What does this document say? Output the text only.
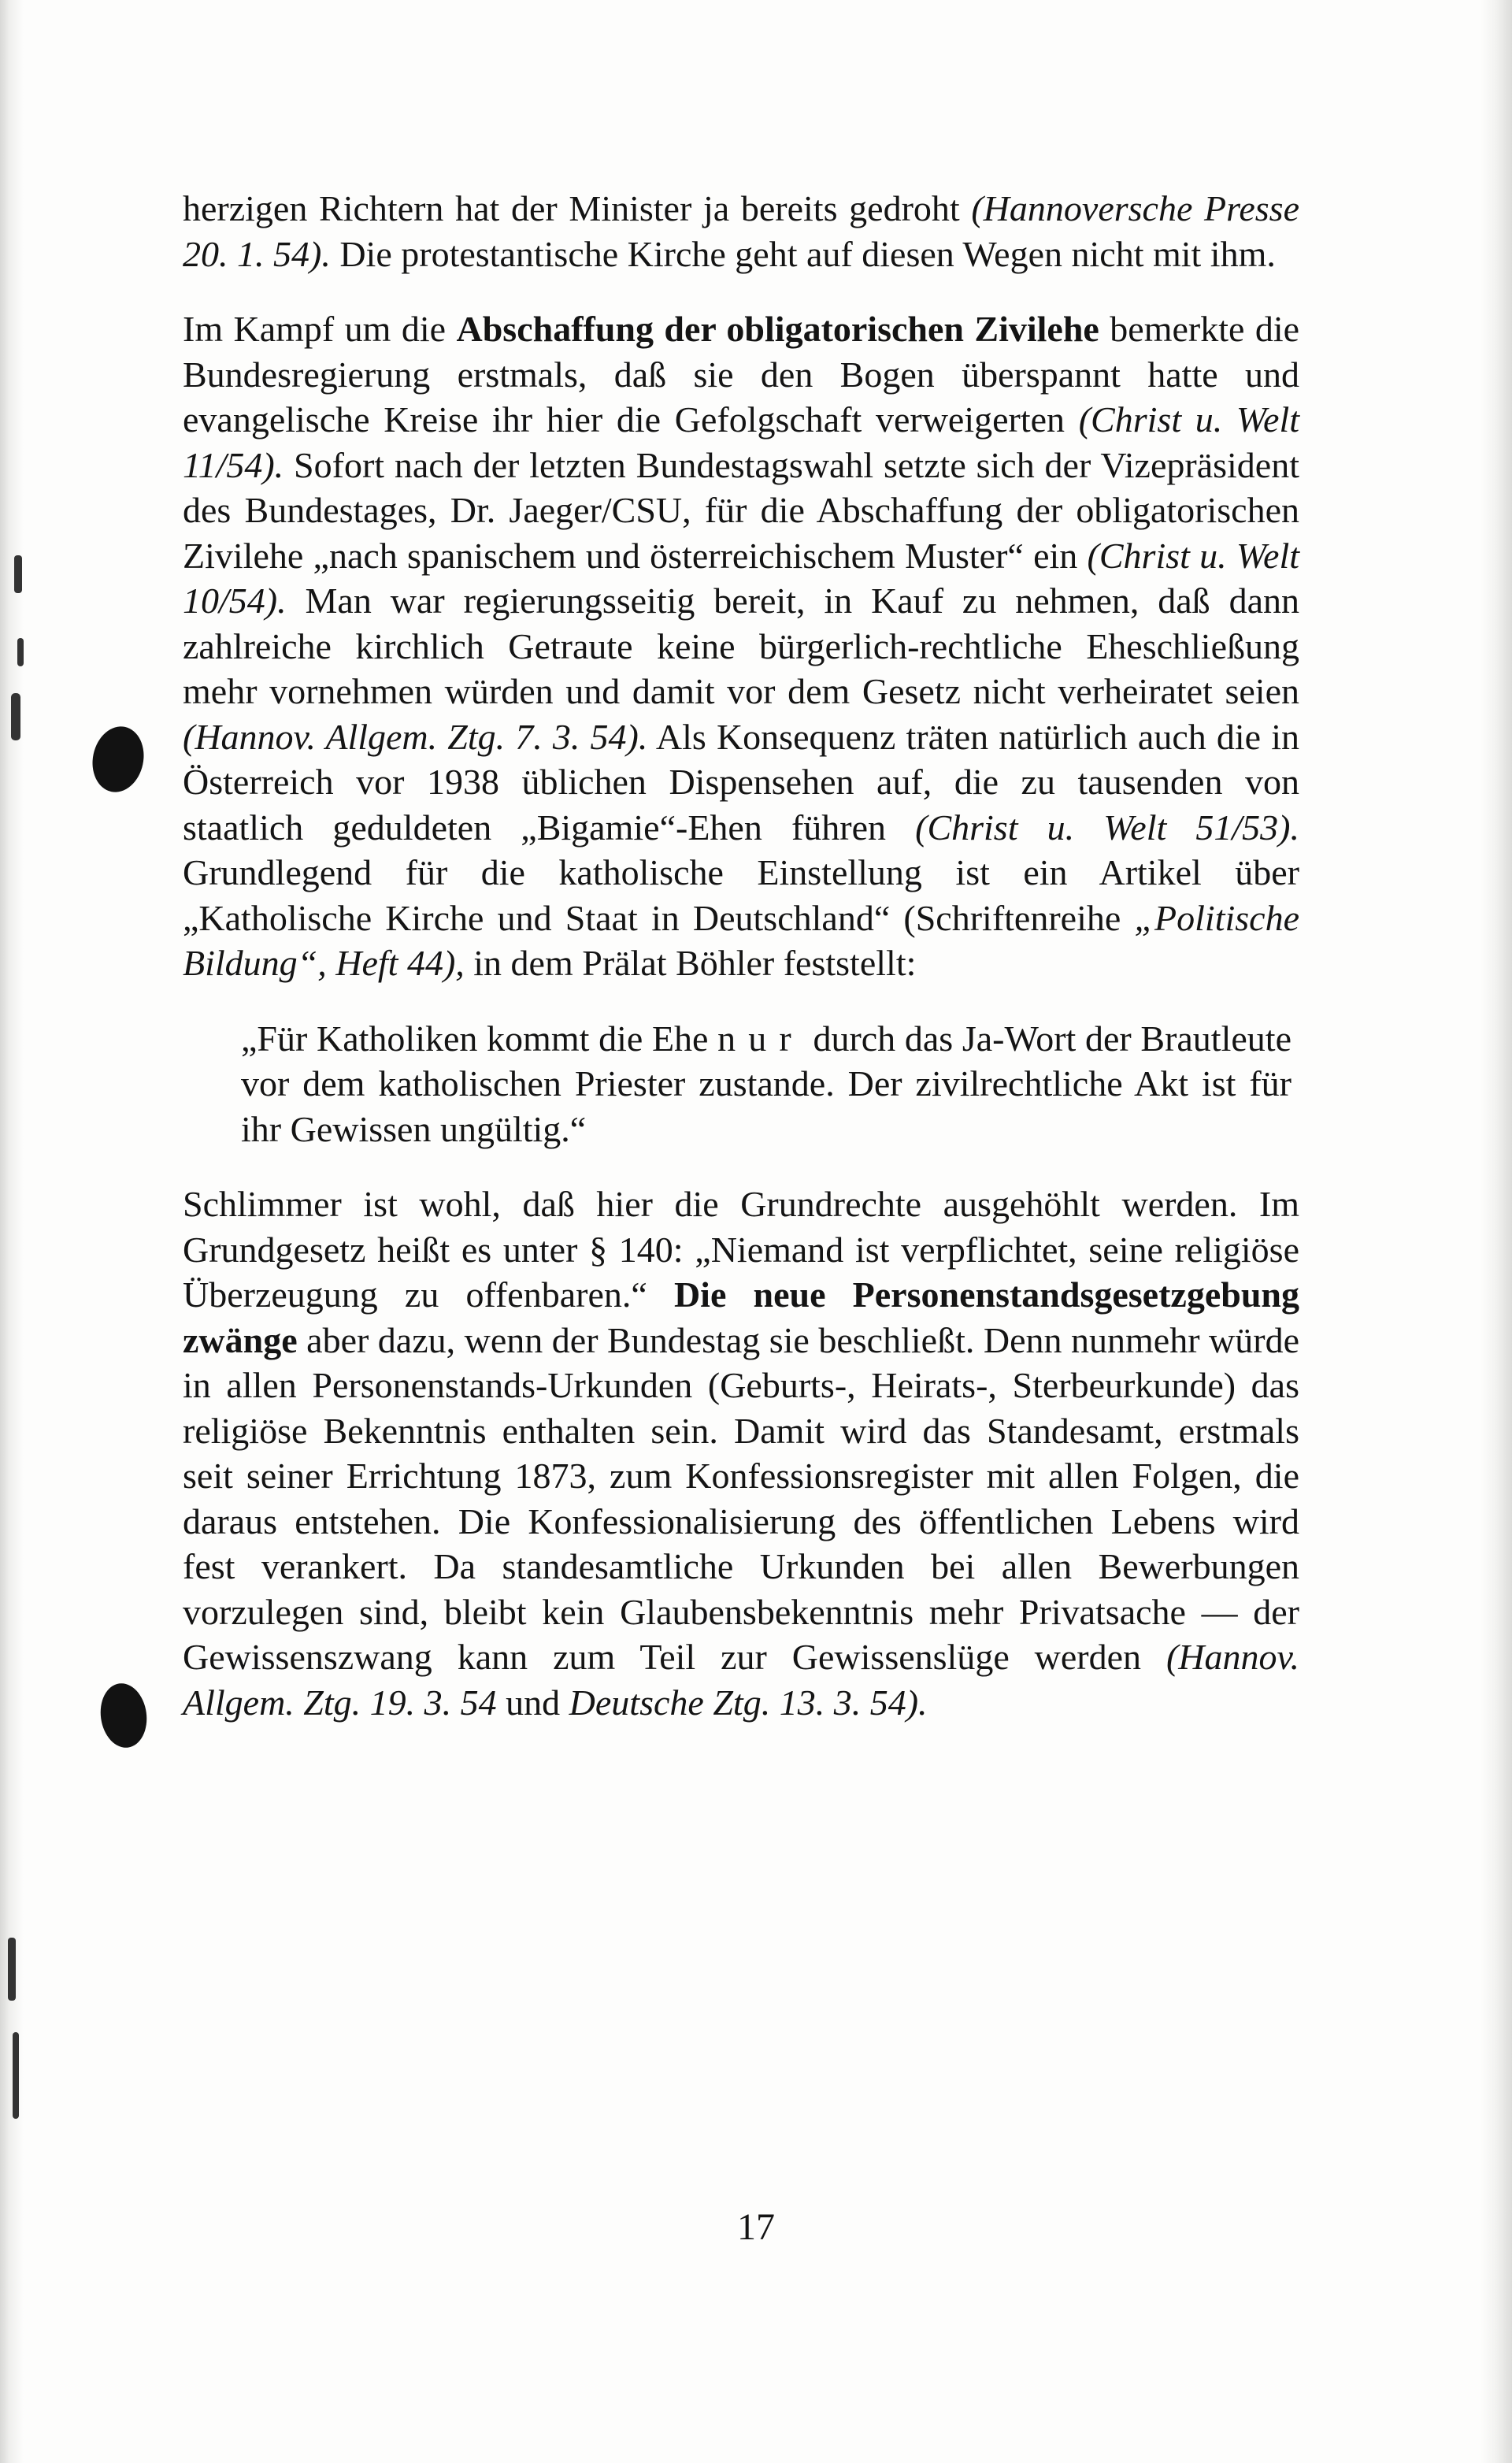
herzigen Richtern hat der Minister ja bereits gedroht (Hannoversche Presse 20. 1. 54). Die protestantische Kirche geht auf diesen Wegen nicht mit ihm.

Im Kampf um die Abschaffung der obligatorischen Zivilehe bemerkte die Bundesregierung erstmals, daß sie den Bogen überspannt hatte und evangelische Kreise ihr hier die Gefolgschaft verweigerten (Christ u. Welt 11/54). Sofort nach der letzten Bundestagswahl setzte sich der Vizepräsident des Bundestages, Dr. Jaeger/CSU, für die Abschaffung der obligatorischen Zivilehe „nach spanischem und österreichischem Muster“ ein (Christ u. Welt 10/54). Man war regierungsseitig bereit, in Kauf zu nehmen, daß dann zahlreiche kirchlich Getraute keine bürgerlich-rechtliche Eheschließung mehr vornehmen würden und damit vor dem Gesetz nicht verheiratet seien (Hannov. Allgem. Ztg. 7. 3. 54). Als Konsequenz träten natürlich auch die in Österreich vor 1938 üblichen Dispensehen auf, die zu tausenden von staatlich geduldeten „Bigamie“-Ehen führen (Christ u. Welt 51/53). Grundlegend für die katholische Einstellung ist ein Artikel über „Katholische Kirche und Staat in Deutschland“ (Schriftenreihe „Politische Bildung“, Heft 44), in dem Prälat Böhler feststellt:

„Für Katholiken kommt die Ehe nur durch das Ja-Wort der Brautleute vor dem katholischen Priester zustande. Der zivilrechtliche Akt ist für ihr Gewissen ungültig.“

Schlimmer ist wohl, daß hier die Grundrechte ausgehöhlt werden. Im Grundgesetz heißt es unter § 140: „Niemand ist verpflichtet, seine religiöse Überzeugung zu offenbaren.“ Die neue Personenstandsgesetzgebung zwänge aber dazu, wenn der Bundestag sie beschließt. Denn nunmehr würde in allen Personenstands-Urkunden (Geburts-, Heirats-, Sterbeurkunde) das religiöse Bekenntnis enthalten sein. Damit wird das Standesamt, erstmals seit seiner Errichtung 1873, zum Konfessionsregister mit allen Folgen, die daraus entstehen. Die Konfessionalisierung des öffentlichen Lebens wird fest verankert. Da standesamtliche Urkunden bei allen Bewerbungen vorzulegen sind, bleibt kein Glaubensbekenntnis mehr Privatsache — der Gewissenszwang kann zum Teil zur Gewissenslüge werden (Hannov. Allgem. Ztg. 19. 3. 54 und Deutsche Ztg. 13. 3. 54).

17
